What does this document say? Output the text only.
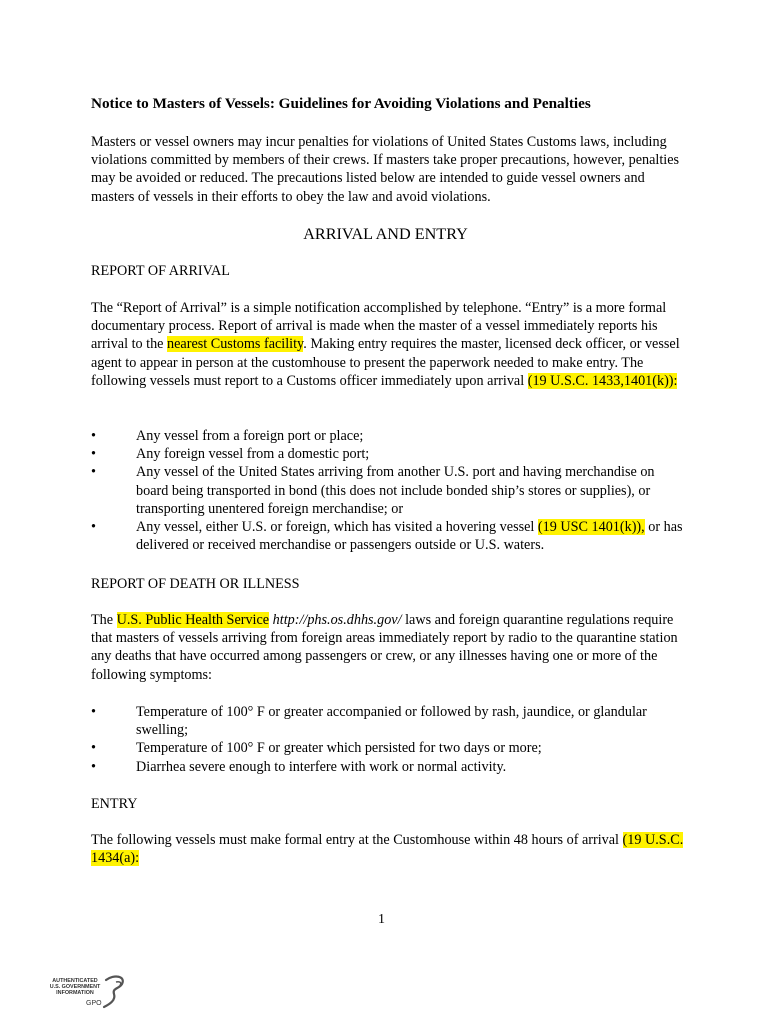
Notice to Masters of Vessels: Guidelines for Avoiding Violations and Penalties

Masters or vessel owners may incur penalties for violations of United States Customs laws, including violations committed by members of their crews. If masters take proper precautions, however, penalties may be avoided or reduced. The precautions listed below are intended to guide vessel owners and masters of vessels in their efforts to obey the law and avoid violations.

ARRIVAL AND ENTRY
REPORT OF ARRIVAL

The “Report of Arrival” is a simple notification accomplished by telephone. “Entry” is a more formal documentary process. Report of arrival is made when the master of a vessel immediately reports his arrival to the nearest Customs facility. Making entry requires the master, licensed deck officer, or vessel agent to appear in person at the customhouse to present the paperwork needed to make entry. The following vessels must report to a Customs officer immediately upon arrival (19 U.S.C. 1433,1401(k)):

•	Any vessel from a foreign port or place;
•	Any foreign vessel from a domestic port;
•	Any vessel of the United States arriving from another U.S. port and having merchandise on board being transported in bond (this does not include bonded ship’s stores or supplies), or transporting unentered foreign merchandise; or
•	Any vessel, either U.S. or foreign, which has visited a hovering vessel (19 USC 1401(k)), or has delivered or received merchandise or passengers outside or U.S. waters.
REPORT OF DEATH OR ILLNESS

The U.S. Public Health Service http://phs.os.dhhs.gov/ laws and foreign quarantine regulations require that masters of vessels arriving from foreign areas immediately report by radio to the quarantine station any deaths that have occurred among passengers or crew, or any illnesses having one or more of the following symptoms:

•	Temperature of 100° F or greater accompanied or followed by rash, jaundice, or glandular swelling;
•	Temperature of 100° F or greater which persisted for two days or more;
•	Diarrhea severe enough to interfere with work or normal activity.
ENTRY

The following vessels must make formal entry at the Customhouse within 48 hours of arrival (19 U.S.C. 1434(a):

1
AUTHENTICATED
U.S. GOVERNMENT
INFORMATION
GPO
